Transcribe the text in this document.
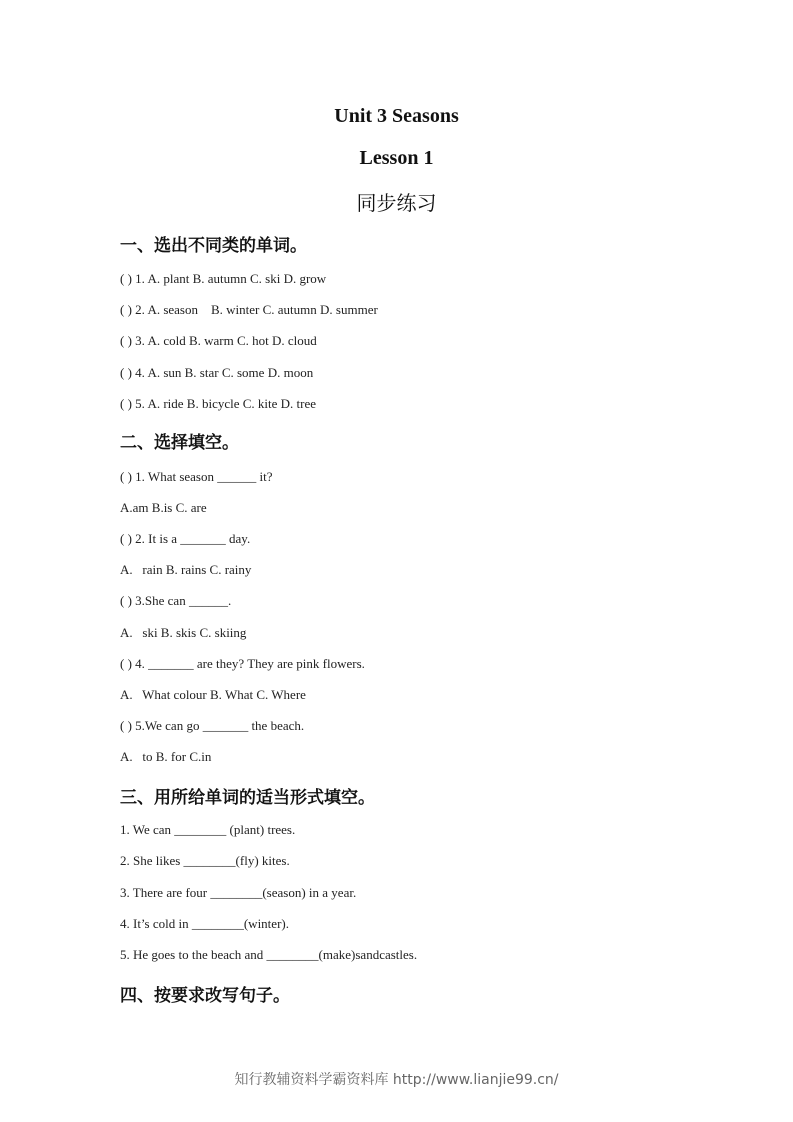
Unit 3 Seasons
Lesson 1
同步练习
一、选出不同类的单词。
( ) 1. A. plant B. autumn C. ski D. grow
( ) 2. A. season    B. winter C. autumn D. summer
( ) 3. A. cold B. warm C. hot D. cloud
( ) 4. A. sun B. star C. some D. moon
( ) 5. A. ride B. bicycle C. kite D. tree
二、选择填空。
( ) 1. What season ______ it?
A.am B.is C. are
( ) 2. It is a _______ day.
A.   rain B. rains C. rainy
( ) 3.She can ______.
A.   ski B. skis C. skiing
( ) 4. _______ are they? They are pink flowers.
A.   What colour B. What C. Where
( ) 5.We can go _______ the beach.
A.   to B. for C.in
三、用所给单词的适当形式填空。
1. We can ________ (plant) trees.
2. She likes ________(fly) kites.
3. There are four ________(season) in a year.
4. It’s cold in ________(winter).
5. He goes to the beach and ________(make)sandcastles.
四、按要求改写句子。
知行教辅资料学霸资料库 http://www.lianjie99.cn/
